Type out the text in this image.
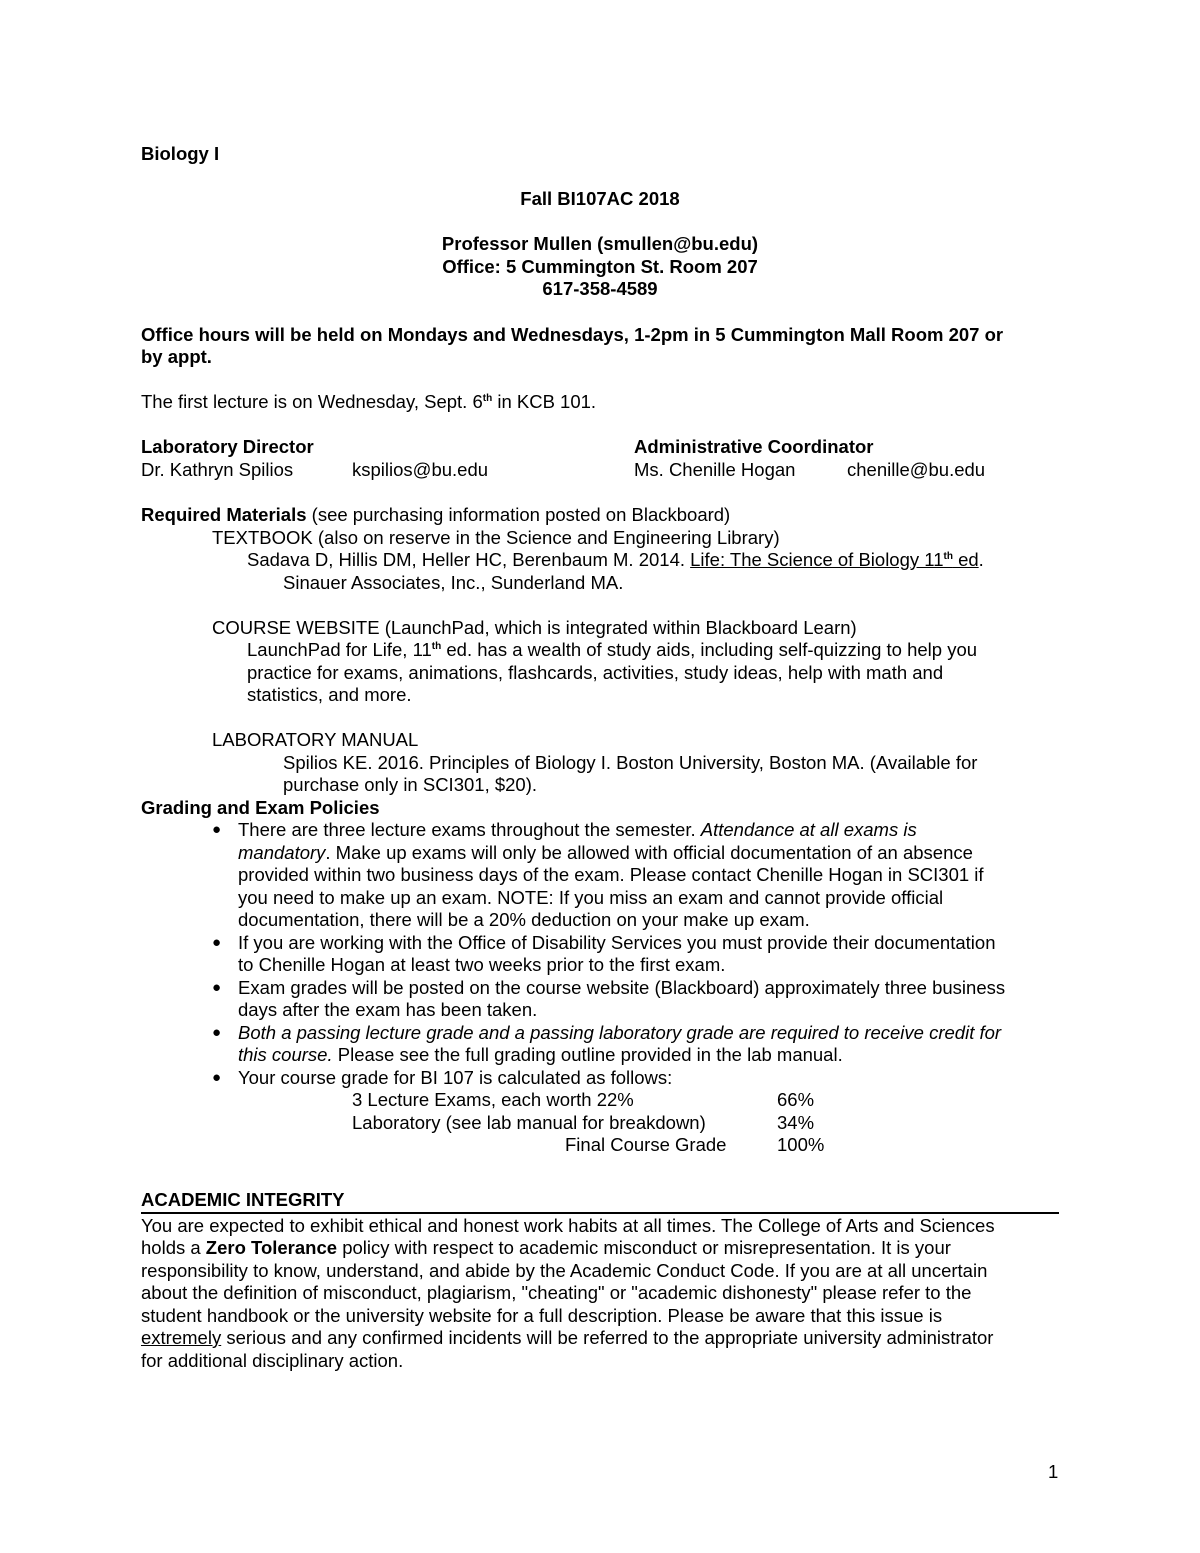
Biology I
Fall BI107AC 2018
Professor Mullen (smullen@bu.edu)
Office: 5 Cummington St. Room 207
617-358-4589
Office hours will be held on Mondays and Wednesdays, 1-2pm in 5 Cummington Mall Room 207 or
by appt.
The first lecture is on Wednesday, Sept. 6th in KCB 101.
Laboratory Director
Dr. Kathryn Spilios	kspilios@bu.edu
Administrative Coordinator
Ms. Chenille Hogan	chenille@bu.edu
Required Materials (see purchasing information posted on Blackboard)
TEXTBOOK (also on reserve in the Science and Engineering Library)
Sadava D, Hillis DM, Heller HC, Berenbaum M. 2014. Life: The Science of Biology 11th ed.
Sinauer Associates, Inc., Sunderland MA.
COURSE WEBSITE (LaunchPad, which is integrated within Blackboard Learn)
LaunchPad for Life, 11th ed. has a wealth of study aids, including self-quizzing to help you
practice for exams, animations, flashcards, activities, study ideas, help with math and
statistics, and more.
LABORATORY MANUAL
Spilios KE. 2016. Principles of Biology I. Boston University, Boston MA. (Available for
purchase only in SCI301, $20).
Grading and Exam Policies
● There are three lecture exams throughout the semester. Attendance at all exams is
mandatory. Make up exams will only be allowed with official documentation of an absence
provided within two business days of the exam. Please contact Chenille Hogan in SCI301 if
you need to make up an exam. NOTE: If you miss an exam and cannot provide official
documentation, there will be a 20% deduction on your make up exam.
● If you are working with the Office of Disability Services you must provide their documentation
to Chenille Hogan at least two weeks prior to the first exam.
● Exam grades will be posted on the course website (Blackboard) approximately three business
days after the exam has been taken.
● Both a passing lecture grade and a passing laboratory grade are required to receive credit for
this course. Please see the full grading outline provided in the lab manual.
● Your course grade for BI 107 is calculated as follows:
3 Lecture Exams, each worth 22%	66%
Laboratory (see lab manual for breakdown)	34%
Final Course Grade	100%
ACADEMIC INTEGRITY
You are expected to exhibit ethical and honest work habits at all times. The College of Arts and Sciences
holds a Zero Tolerance policy with respect to academic misconduct or misrepresentation. It is your
responsibility to know, understand, and abide by the Academic Conduct Code. If you are at all uncertain
about the definition of misconduct, plagiarism, "cheating" or "academic dishonesty" please refer to the
student handbook or the university website for a full description. Please be aware that this issue is
extremely serious and any confirmed incidents will be referred to the appropriate university administrator
for additional disciplinary action.
1
